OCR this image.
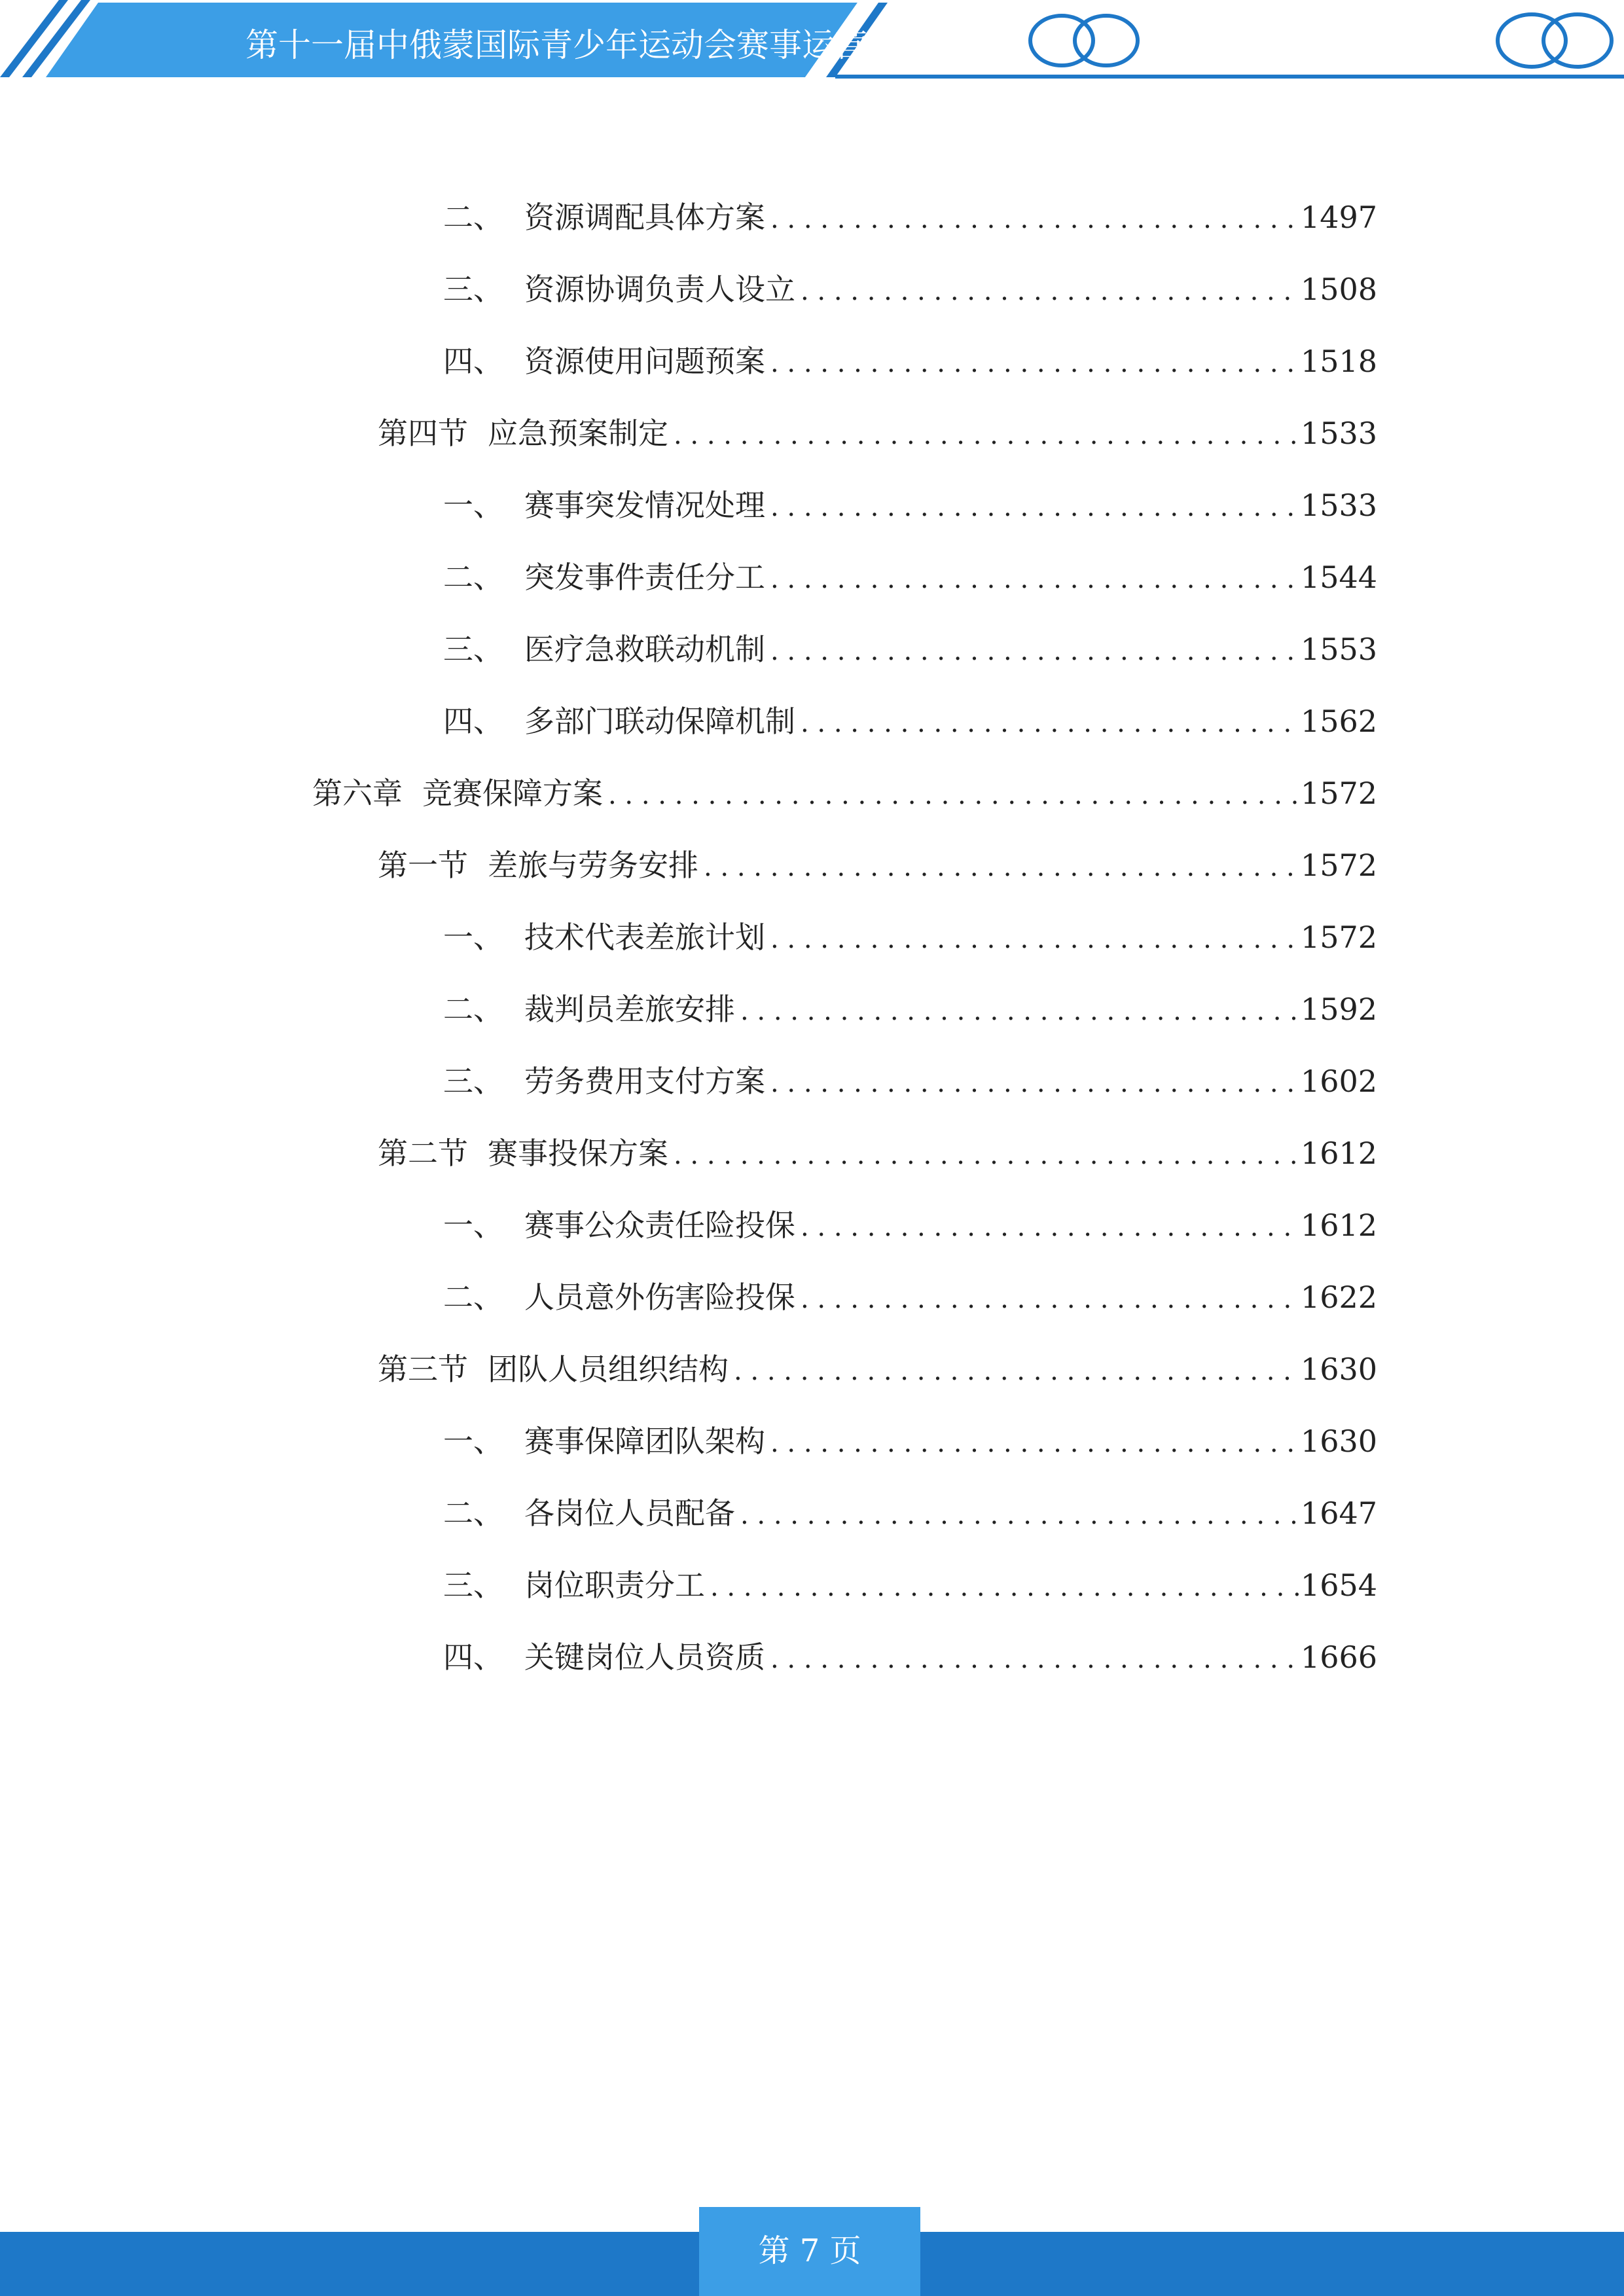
第十一届中俄蒙国际青少年运动会赛事运营
二、 资源调配具体方案 . . .	1497
三、 资源协调负责人设立 . . .	1508
四、 资源使用问题预案 . . .	1518
第四节 应急预案制定 . . .	1533
一、 赛事突发情况处理 . . .	1533
二、 突发事件责任分工 . . .	1544
三、 医疗急救联动机制 . . .	1553
四、 多部门联动保障机制 . . .	1562
第六章 竞赛保障方案 . . .	1572
第一节 差旅与劳务安排 . . .	1572
一、 技术代表差旅计划 . . .	1572
二、 裁判员差旅安排 . . .	1592
三、 劳务费用支付方案 . . .	1602
第二节 赛事投保方案 . . .	1612
一、 赛事公众责任险投保 . . .	1612
二、 人员意外伤害险投保 . . .	1622
第三节 团队人员组织结构 . . .	1630
一、 赛事保障团队架构 . . .	1630
二、 各岗位人员配备 . . .	1647
三、 岗位职责分工 . . .	1654
四、 关键岗位人员资质 . . .	1666
第 7 页
